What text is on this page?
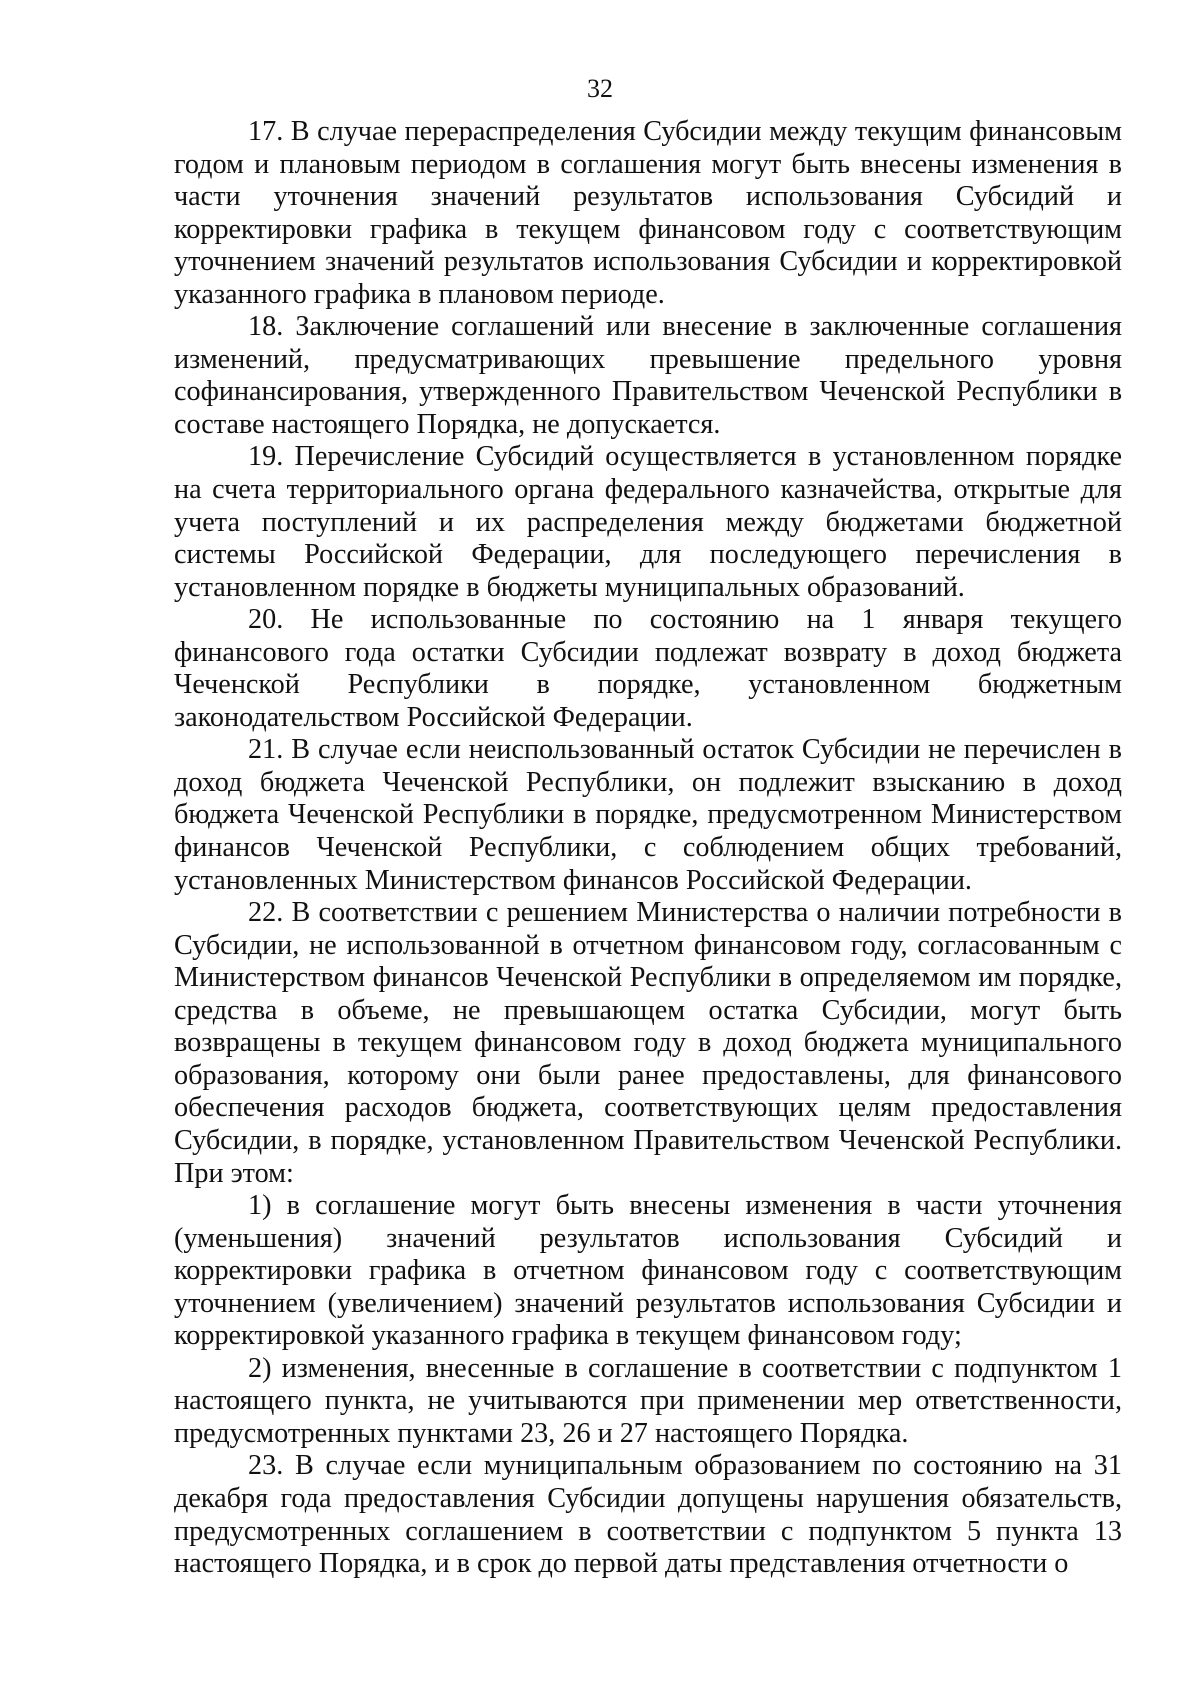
32

17. В случае перераспределения Субсидии между текущим финансовым годом и плановым периодом в соглашения могут быть внесены изменения в части уточнения значений результатов использования Субсидий и корректировки графика в текущем финансовом году с соответствующим уточнением значений результатов использования Субсидии и корректировкой указанного графика в плановом периоде.

18. Заключение соглашений или внесение в заключенные соглашения изменений, предусматривающих превышение предельного уровня софинансирования, утвержденного Правительством Чеченской Республики в составе настоящего Порядка, не допускается.

19. Перечисление Субсидий осуществляется в установленном порядке на счета территориального органа федерального казначейства, открытые для учета поступлений и их распределения между бюджетами бюджетной системы Российской Федерации, для последующего перечисления в установленном порядке в бюджеты муниципальных образований.

20. Не использованные по состоянию на 1 января текущего финансового года остатки Субсидии подлежат возврату в доход бюджета Чеченской Республики в порядке, установленном бюджетным законодательством Российской Федерации.

21. В случае если неиспользованный остаток Субсидии не перечислен в доход бюджета Чеченской Республики, он подлежит взысканию в доход бюджета Чеченской Республики в порядке, предусмотренном Министерством финансов Чеченской Республики, с соблюдением общих требований, установленных Министерством финансов Российской Федерации.

22. В соответствии с решением Министерства о наличии потребности в Субсидии, не использованной в отчетном финансовом году, согласованным с Министерством финансов Чеченской Республики в определяемом им порядке, средства в объеме, не превышающем остатка Субсидии, могут быть возвращены в текущем финансовом году в доход бюджета муниципального образования, которому они были ранее предоставлены, для финансового обеспечения расходов бюджета, соответствующих целям предоставления Субсидии, в порядке, установленном Правительством Чеченской Республики. При этом:

1) в соглашение могут быть внесены изменения в части уточнения (уменьшения) значений результатов использования Субсидий и корректировки графика в отчетном финансовом году с соответствующим уточнением (увеличением) значений результатов использования Субсидии и корректировкой указанного графика в текущем финансовом году;

2) изменения, внесенные в соглашение в соответствии с подпунктом 1 настоящего пункта, не учитываются при применении мер ответственности, предусмотренных пунктами 23, 26 и 27 настоящего Порядка.

23. В случае если муниципальным образованием по состоянию на 31 декабря года предоставления Субсидии допущены нарушения обязательств, предусмотренных соглашением в соответствии с подпунктом 5 пункта 13 настоящего Порядка, и в срок до первой даты представления отчетности о
